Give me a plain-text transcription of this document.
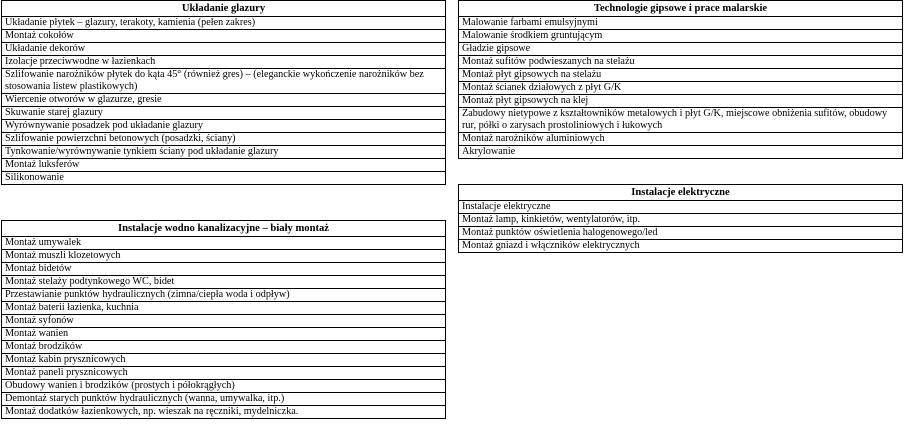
Układanie glazury
Układanie płytek – glazury, terakoty, kamienia (pełen zakres)
Montaż cokołów
Układanie dekorów
Izolacje przeciwwodne w łazienkach
Szlifowanie narożników płytek do kąta 45° (również gres) – (eleganckie wykończenie narożników bez stosowania listew plastikowych)
Wiercenie otworów w glazurze, gresie
Skuwanie starej glazury
Wyrównywanie posadzek pod układanie glazury
Szlifowanie powierzchni betonowych (posadzki, ściany)
Tynkowanie/wyrównywanie tynkiem ściany pod układanie glazury
Montaż luksferów
Silikonowanie
Instalacje wodno kanalizacyjne – biały montaż
Montaż umywalek
Montaż muszli klozetowych
Montaż bidetów
Montaż stelaży podtynkowego WC, bidet
Przestawianie punktów hydraulicznych (zimna/ciepła woda i odpływ)
Montaż baterii łazienka, kuchnia
Montaż syfonów
Montaż wanien
Montaż brodzików
Montaż kabin prysznicowych
Montaż paneli prysznicowych
Obudowy wanien i brodzików (prostych i półokrągłych)
Demontaż starych punktów hydraulicznych (wanna, umywalka, itp.)
Montaż dodatków łazienkowych, np. wieszak na ręczniki, mydelniczka.
Technologie gipsowe i prace malarskie
Malowanie farbami emulsyjnymi
Malowanie środkiem gruntującym
Gładzie gipsowe
Montaż sufitów podwieszanych na stelażu
Montaż płyt gipsowych na stelażu
Montaż ścianek działowych z płyt G/K
Montaż płyt gipsowych na klej
Zabudowy nietypowe z kształtowników metalowych i płyt G/K, miejscowe obniżenia sufitów, obudowy rur, półki o zarysach prostoliniowych i łukowych
Montaż narożników aluminiowych
Akrylowanie
Instalacje elektryczne
Instalacje elektryczne
Montaż lamp, kinkietów, wentylatorów, itp.
Montaż punktów oświetlenia halogenowego/led
Montaż gniazd i włączników elektrycznych
